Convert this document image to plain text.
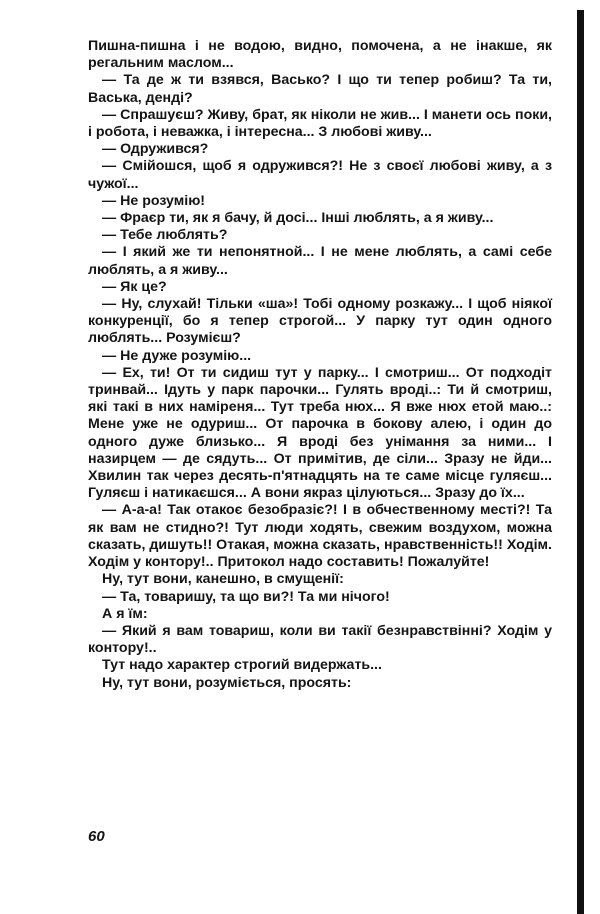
Пишна-пишна і не водою, видно, помочена, а не інакше, як регальним маслом...

— Та де ж ти взявся, Васько? І що ти тепер робиш? Та ти, Васька, денді?

— Спрашуєш? Живу, брат, як ніколи не жив... І манети ось поки, і робота, і неважка, і інтересна... З любові живу...

— Одружився?

— Смійошся, щоб я одружився?! Не з своєї любові живу, а з чужої...

— Не розумію!

— Фраєр ти, як я бачу, й досі... Інші люблять, а я живу...

— Тебе люблять?

— І який же ти непонятной... І не мене люблять, а самі себе люблять, а я живу...

— Як це?

— Ну, слухай! Тільки «ша»! Тобі одному розкажу... І щоб ніякої конкуренції, бо я тепер строгой... У парку тут один одного люблять... Розумієш?

— Не дуже розумію...

— Ех, ти! От ти сидиш тут у парку... І смотриш... От подходіт тринвай... Ідуть у парк парочки... Гулять вроді..: Ти й смотриш, які такі в них наміреня... Тут треба нюх... Я вже нюх етой маю..: Мене уже не одуриш... От парочка в бокову алею, і один до одного дуже близько... Я вроді без унімання за ними... І назирцем — де сядуть... От примітив, де сіли... Зразу не йди... Хвилин так через десять-п'ятнадцять на те саме місце гуляєш... Гуляєш і натикаєшся... А вони якраз цілуються... Зразу до їх...

— А-а-а! Так отакоє безобразіє?! І в обчественному месті?! Та як вам не стидно?! Тут люди ходять, свежим воздухом, можна сказать, дишуть!! Отакая, можна сказать, нравственність!! Ходім. Ходім у контору!.. Притокол надо составить! Пожалуйте!

Ну, тут вони, канешно, в смущенії:

— Та, товаришу, та що ви?! Та ми нічого!

А я їм:

— Який я вам товариш, коли ви такії безнравствінні? Ходім у контору!..

Тут надо характер строгий видержать...

Ну, тут вони, розуміється, просять:

60
